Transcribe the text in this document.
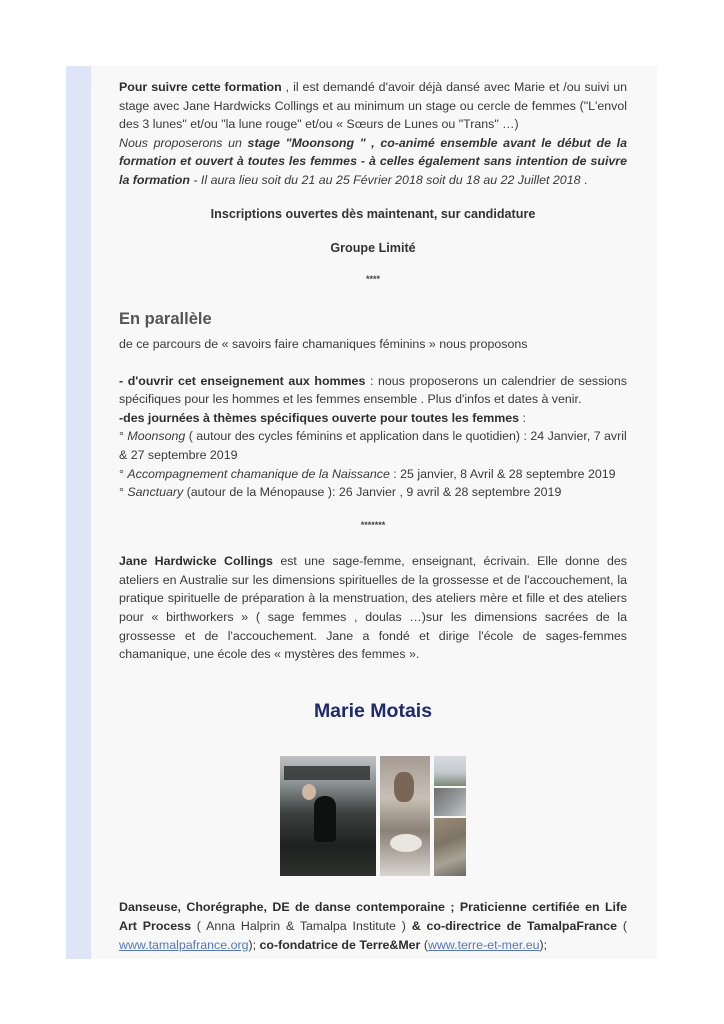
Pour suivre cette formation , il est demandé d'avoir déjà dansé avec Marie et /ou suivi un stage avec Jane Hardwicks Collings et au minimum un stage ou cercle de femmes ("L'envol des 3 lunes" et/ou "la lune rouge" et/ou « Sœurs de Lunes ou "Trans" …)
Nous proposerons un stage "Moonsong " , co-animé ensemble avant le début de la formation et ouvert à toutes les femmes - à celles également sans intention de suivre la formation - Il aura lieu soit du 21 au 25 Février 2018 soit du 18 au 22 Juillet 2018 .

Inscriptions ouvertes dès maintenant, sur candidature

Groupe Limité

****

En parallèle

de ce parcours de « savoirs faire chamaniques féminins » nous proposons

- d'ouvrir cet enseignement aux hommes : nous proposerons un calendrier de sessions spécifiques pour les hommes et les femmes ensemble . Plus d'infos et dates à venir.

-des journées à thèmes spécifiques ouverte pour toutes les femmes :

° Moonsong ( autour des cycles féminins et application dans le quotidien) : 24 Janvier, 7 avril & 27 septembre 2019

° Accompagnement chamanique de la Naissance : 25 janvier, 8 Avril & 28 septembre 2019

° Sanctuary (autour de la Ménopause ): 26 Janvier , 9 avril & 28 septembre 2019

*******

Jane Hardwicke Collings est une sage-femme, enseignant, écrivain. Elle donne des ateliers en Australie sur les dimensions spirituelles de la grossesse et de l'accouchement, la pratique spirituelle de préparation à la menstruation, des ateliers mère et fille et des ateliers pour « birthworkers » ( sage femmes , doulas …)sur les dimensions sacrées de la grossesse et de l'accouchement. Jane a fondé et dirige l'école de sages-femmes chamanique, une école des « mystères des femmes ».

Marie Motais

Danseuse, Chorégraphe, DE de danse contemporaine ; Praticienne certifiée en Life Art Process ( Anna Halprin & Tamalpa Institute ) & co-directrice de TamalpaFrance ( www.tamalpafrance.org); co-fondatrice de Terre&Mer (www.terre-et-mer.eu);
